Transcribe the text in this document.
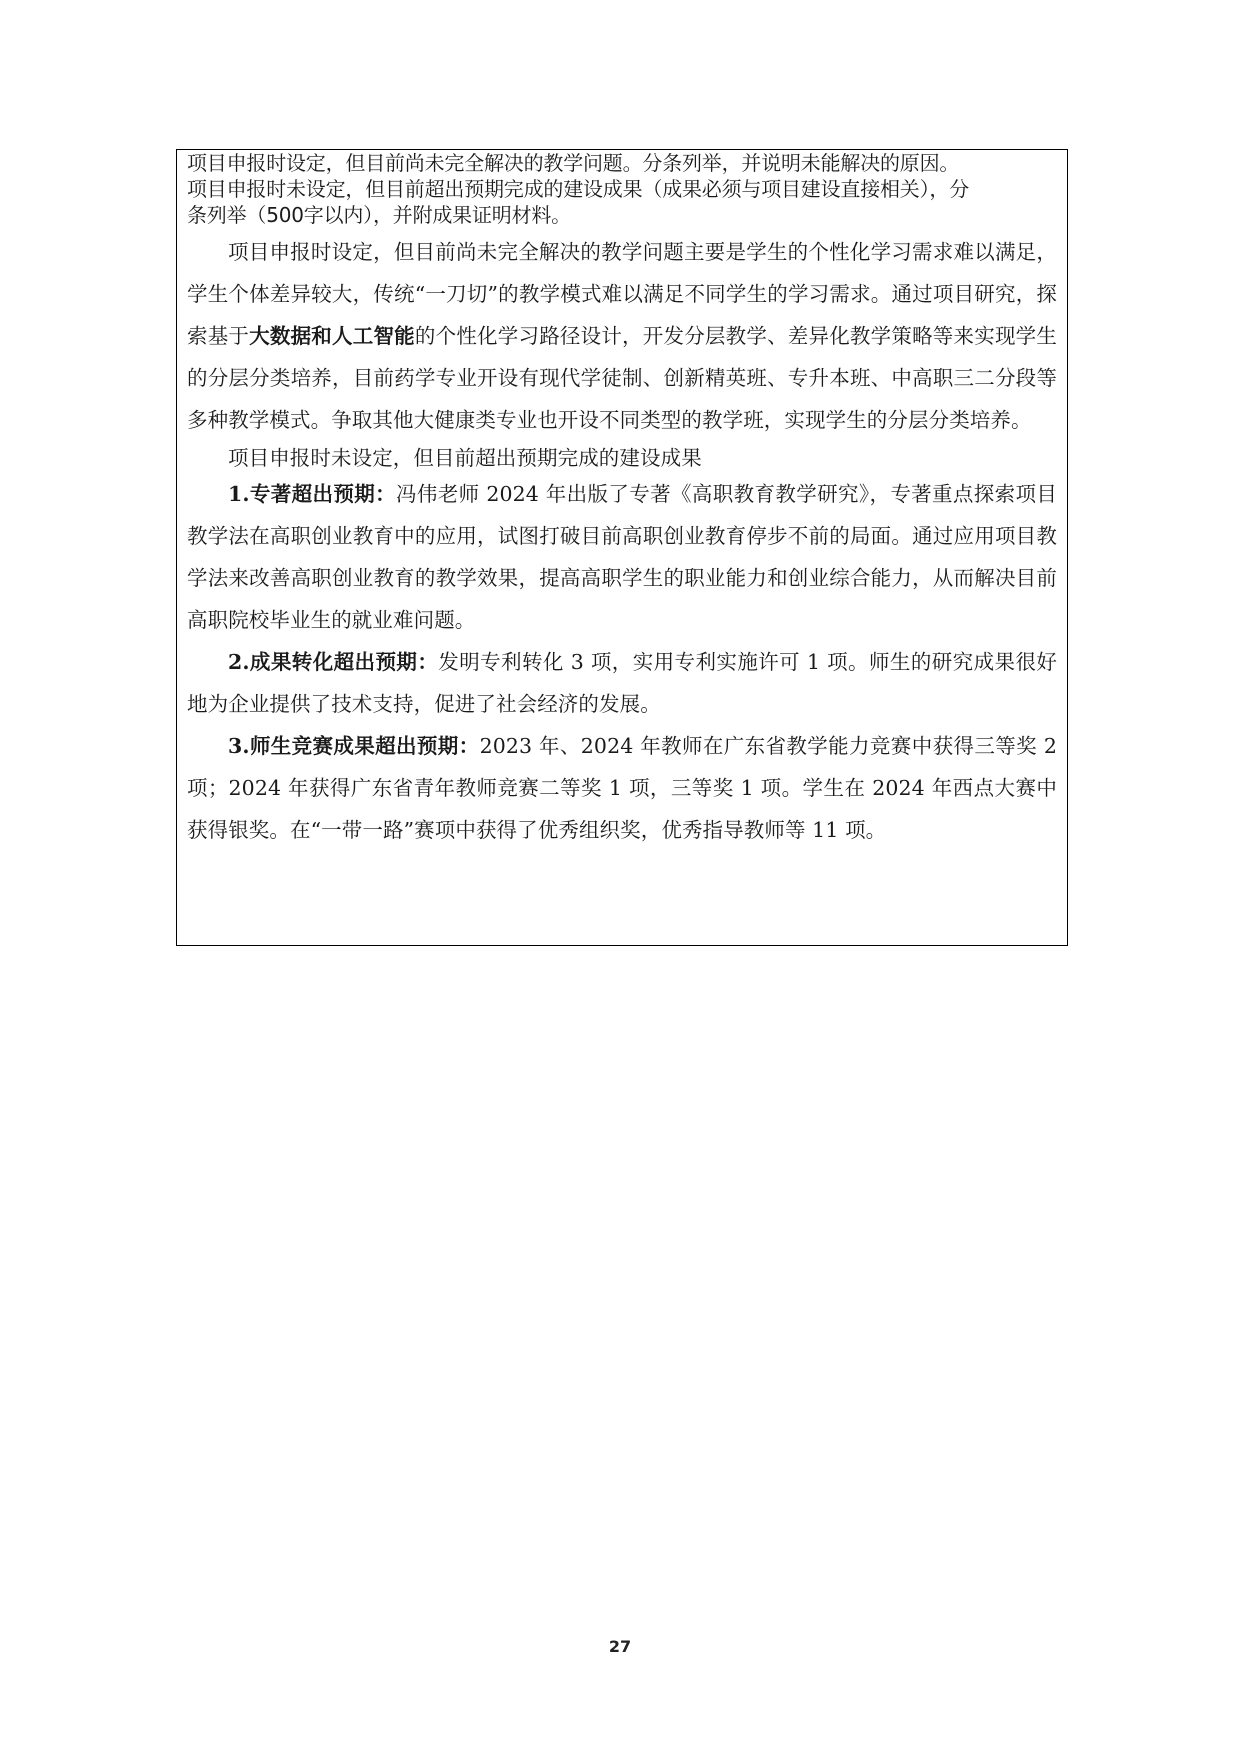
项目申报时设定，但目前尚未完全解决的教学问题。分条列举，并说明未能解决的原因。

项目申报时未设定，但目前超出预期完成的建设成果（成果必须与项目建设直接相关），分

条列举（500字以内），并附成果证明材料。

项目申报时设定，但目前尚未完全解决的教学问题主要是学生的个性化学习需求难以满足，学生个体差异较大，传统“一刀切”的教学模式难以满足不同学生的学习需求。通过项目研究，探索基于大数据和人工智能的个性化学习路径设计，开发分层教学、差异化教学策略等来实现学生的分层分类培养，目前药学专业开设有现代学徒制、创新精英班、专升本班、中高职三二分段等多种教学模式。争取其他大健康类专业也开设不同类型的教学班，实现学生的分层分类培养。

项目申报时未设定，但目前超出预期完成的建设成果

1.专著超出预期：冯伟老师 2024 年出版了专著《高职教育教学研究》，专著重点探索项目教学法在高职创业教育中的应用，试图打破目前高职创业教育停步不前的局面。通过应用项目教学法来改善高职创业教育的教学效果，提高高职学生的职业能力和创业综合能力，从而解决目前高职院校毕业生的就业难问题。

2.成果转化超出预期：发明专利转化 3 项，实用专利实施许可 1 项。师生的研究成果很好地为企业提供了技术支持，促进了社会经济的发展。

3.师生竞赛成果超出预期：2023 年、2024 年教师在广东省教学能力竞赛中获得三等奖 2 项；2024 年获得广东省青年教师竞赛二等奖 1 项，三等奖 1 项。学生在 2024 年西点大赛中获得银奖。在“一带一路”赛项中获得了优秀组织奖，优秀指导教师等 11 项。

27
